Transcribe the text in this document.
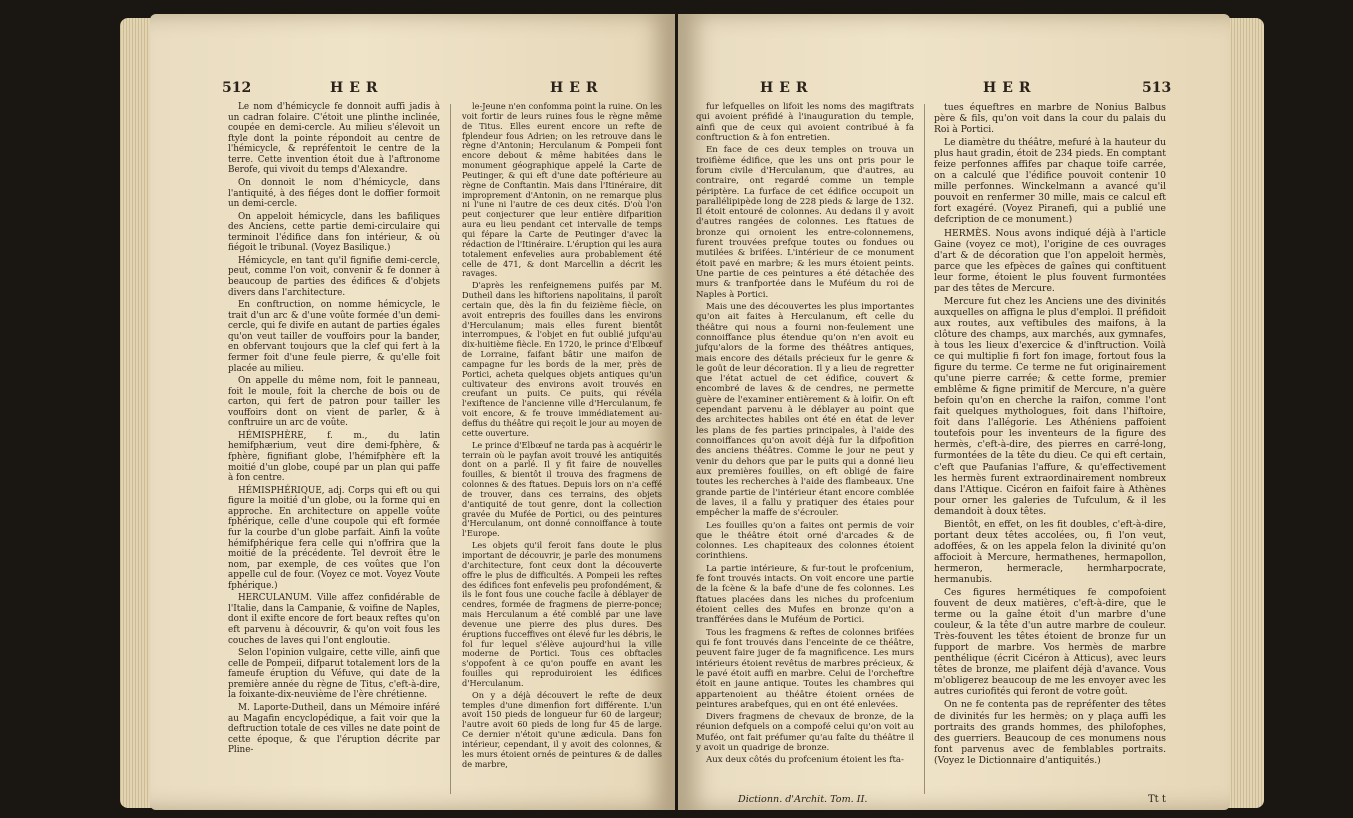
512	HER	HER

Le nom d'hémicycle fe donnoit auffi jadis à un cadran folaire. C'étoit une plinthe inclinée, coupée en demi-cercle. Au milieu s'élevoit un ftyle dont la pointe répondoit au centre de l'hémicycle, & repréfentoit le centre de la terre. Cette invention étoit due à l'aftronome Berofe, qui vivoit du temps d'Alexandre.

On donnoit le nom d'hémicycle, dans l'antiquité, à des fiéges dont le doffier formoit un demi-cercle.

On appeloit hémicycle, dans les bafiliques des Anciens, cette partie demi-circulaire qui terminoit l'édifice dans fon intérieur, & où fiégoit le tribunal. (Voyez Basilique.)

Hémicycle, en tant qu'il fignifie demi-cercle, peut, comme l'on voit, convenir & fe donner à beaucoup de parties des édifices & d'objets divers dans l'architecture.

En conftruction, on nomme hémicycle, le trait d'un arc & d'une voûte formée d'un demi-cercle, qui fe divife en autant de parties égales qu'on veut tailler de vouffoirs pour la bander, en obfervant toujours que la clef qui fert à la fermer foit d'une feule pierre, & qu'elle foit placée au milieu.

On appelle du même nom, foit le panneau, foit le moule, foit la cherche de bois ou de carton, qui fert de patron pour tailler les vouffoirs dont on vient de parler, & à conftruire un arc de voûte.

HÉMISPHÈRE, f. m., du latin hemifphærium, veut dire demi-fphère, & fphère, fignifiant globe, l'hémifphère eft la moitié d'un globe, coupé par un plan qui paffe à fon centre.

HÉMISPHÉRIQUE, adj. Corps qui eft ou qui figure la moitié d'un globe, ou la forme qui en approche. En architecture on appelle voûte fphérique, celle d'une coupole qui eft formée fur la courbe d'un globe parfait. Ainfi la voûte hémifphérique fera celle qui n'offrira que la moitié de la précédente. Tel devroit être le nom, par exemple, de ces voûtes que l'on appelle cul de four. (Voyez ce mot. Voyez Voute fphérique.)

HERCULANUM. Ville affez confidérable de l'Italie, dans la Campanie, & voifine de Naples, dont il exifte encore de fort beaux reftes qu'on eft parvenu à découvrir, & qu'on voit fous les couches de laves qui l'ont engloutie.

Selon l'opinion vulgaire, cette ville, ainfi que celle de Pompeii, difparut totalement lors de la fameufe éruption du Véfuve, qui date de la première année du règne de Titus, c'eft-à-dire, la foixante-dix-neuvième de l'ère chrétienne.

M. Laporte-Dutheil, dans un Mémoire inféré au Magafin encyclopédique, a fait voir que la deftruction totale de ces villes ne date point de cette époque, & que l'éruption décrite par Pline-

le-Jeune n'en confomma point la ruine. On les voit fortir de leurs ruines fous le règne même de Titus. Elles eurent encore un refte de fplendeur fous Adrien; on les retrouve dans le règne d'Antonin; Herculanum & Pompeii font encore debout & même habitées dans le monument géographique appelé la Carte de Peutinger, & qui eft d'une date poftérieure au règne de Conftantin. Mais dans l'Itinéraire, dit improprement d'Antonin, on ne remarque plus ni l'une ni l'autre de ces deux cités. D'où l'on peut conjecturer que leur entière difparition aura eu lieu pendant cet intervalle de temps qui fépare la Carte de Peutinger d'avec la rédaction de l'Itinéraire. L'éruption qui les aura totalement enfevelies aura probablement été celle de 471, & dont Marcellin a décrit les ravages.

D'après les renfeignemens puifés par M. Dutheil dans les hiftoriens napolitains, il paroît certain que, dès la fin du feizième fiècle, on avoit entrepris des fouilles dans les environs d'Herculanum; mais elles furent bientôt interrompues, & l'objet en fut oublié jufqu'au dix-huitième fiècle. En 1720, le prince d'Elbœuf de Lorraine, faifant bâtir une maifon de campagne fur les bords de la mer, près de Portici, acheta quelques objets antiques qu'un cultivateur des environs avoit trouvés en creufant un puits. Ce puits, qui révéla l'exiftence de l'ancienne ville d'Herculanum, fe voit encore, & fe trouve immédiatement au-deffus du théâtre qui reçoit le jour au moyen de cette ouverture.

Le prince d'Elbœuf ne tarda pas à acquérir le terrain où le payfan avoit trouvé les antiquités dont on a parlé. Il y fit faire de nouvelles fouilles, & bientôt il trouva des fragmens de colonnes & des ftatues. Depuis lors on n'a ceffé de trouver, dans ces terrains, des objets d'antiquité de tout genre, dont la collection gravée du Mufée de Portici, ou des peintures d'Herculanum, ont donné connoiffance à toute l'Europe.

Les objets qu'il feroit fans doute le plus important de découvrir, je parle des monumens d'architecture, font ceux dont la découverte offre le plus de difficultés. A Pompeii les reftes des édifices font enfevelis peu profondément, & ils le font fous une couche facile à déblayer de cendres, formée de fragmens de pierre-ponce; mais Herculanum a été comblé par une lave devenue une pierre des plus dures. Des éruptions fucceffives ont élevé fur les débris, le fol fur lequel s'élève aujourd'hui la ville moderne de Portici. Tous ces obftacles s'oppofent à ce qu'on pouffe en avant les fouilles qui reproduiroient les édifices d'Herculanum.

On y a déjà découvert le refte de deux temples d'une dimenfion fort différente. L'un avoit 150 pieds de longueur fur 60 de largeur; l'autre avoit 60 pieds de long fur 45 de large. Ce dernier n'étoit qu'une ædicula. Dans fon intérieur, cependant, il y avoit des colonnes, & les murs étoient ornés de peintures & de dalles de marbre,

HER	HER	513

fur lefquelles on lifoit les noms des magiftrats qui avoient préfidé à l'inauguration du temple, ainfi que de ceux qui avoient contribué à fa conftruction & à fon entretien.

En face de ces deux temples on trouva un troifième édifice, que les uns ont pris pour le forum civile d'Herculanum, que d'autres, au contraire, ont regardé comme un temple périptère. La furface de cet édifice occupoit un parallélipipède long de 228 pieds & large de 132. Il étoit entouré de colonnes. Au dedans il y avoit d'autres rangées de colonnes. Les ftatues de bronze qui ornoient les entre-colonnemens, furent trouvées prefque toutes ou fondues ou mutilées & brifées. L'intérieur de ce monument étoit pavé en marbre; & les murs étoient peints. Une partie de ces peintures a été détachée des murs & tranfportée dans le Muféum du roi de Naples à Portici.

Mais une des découvertes les plus importantes qu'on ait faites à Herculanum, eft celle du théâtre qui nous a fourni non-feulement une connoiffance plus étendue qu'on n'en avoit eu jufqu'alors de la forme des théâtres antiques, mais encore des détails précieux fur le genre & le goût de leur décoration. Il y a lieu de regretter que l'état actuel de cet édifice, couvert & encombré de laves & de cendres, ne permette guère de l'examiner entièrement & à loifir. On eft cependant parvenu à le déblayer au point que des architectes habiles ont été en état de lever les plans de fes parties principales, à l'aide des connoiffances qu'on avoit déjà fur la difpofition des anciens théâtres. Comme le jour ne peut y venir du dehors que par le puits qui a donné lieu aux premières fouilles, on eft obligé de faire toutes les recherches à l'aide des flambeaux. Une grande partie de l'intérieur étant encore comblée de laves, il a fallu y pratiquer des étaies pour empêcher la maffe de s'écrouler.

Les fouilles qu'on a faites ont permis de voir que le théâtre étoit orné d'arcades & de colonnes. Les chapiteaux des colonnes étoient corinthiens.

La partie intérieure, & fur-tout le profcenium, fe font trouvés intacts. On voit encore une partie de la fcène & la bafe d'une de fes colonnes. Les ftatues placées dans les niches du profcenium étoient celles des Mufes en bronze qu'on a tranfférées dans le Muféum de Portici.

Tous les fragmens & reftes de colonnes brifées qui fe font trouvés dans l'enceinte de ce théâtre, peuvent faire juger de fa magnificence. Les murs intérieurs étoient revêtus de marbres précieux, & le pavé étoit auffi en marbre. Celui de l'orcheftre étoit en jaune antique. Toutes les chambres qui appartenoient au théâtre étoient ornées de peintures arabefques, qui en ont été enlevées.

Divers fragmens de chevaux de bronze, de la réunion defquels on a compofé celui qu'on voit au Muféo, ont fait préfumer qu'au faîte du théâtre il y avoit un quadrige de bronze.

Aux deux côtés du profcenium étoient les fta-

Dictionn. d'Archit. Tom. II.

tues équeftres en marbre de Nonius Balbus père & fils, qu'on voit dans la cour du palais du Roi à Portici.

Le diamètre du théâtre, mefuré à la hauteur du plus haut gradin, étoit de 234 pieds. En comptant feize perfonnes affifes par chaque toife carrée, on a calculé que l'édifice pouvoit contenir 10 mille perfonnes. Winckelmann a avancé qu'il pouvoit en renfermer 30 mille, mais ce calcul eft fort exagéré. (Voyez Piranefi, qui a publié une defcription de ce monument.)

HERMÈS. Nous avons indiqué déjà à l'article Gaine (voyez ce mot), l'origine de ces ouvrages d'art & de décoration que l'on appeloit hermès, parce que les efpèces de gaînes qui conftituent leur forme, étoient le plus fouvent furmontées par des têtes de Mercure.

Mercure fut chez les Anciens une des divinités auxquelles on affigna le plus d'emploi. Il préfidoit aux routes, aux veftibules des maifons, à la clôture des champs, aux marchés, aux gymnafes, à tous les lieux d'exercice & d'inftruction. Voilà ce qui multiplie fi fort fon image, fortout fous la figure du terme. Ce terme ne fut originairement qu'une pierre carrée; & cette forme, premier emblême & figne primitif de Mercure, n'a guère befoin qu'on en cherche la raifon, comme l'ont fait quelques mythologues, foit dans l'hiftoire, foit dans l'allégorie. Les Athéniens paffoient toutefois pour les inventeurs de la figure des hermès, c'eft-à-dire, des pierres en carré-long, furmontées de la tête du dieu. Ce qui eft certain, c'eft que Paufanias l'affure, & qu'effectivement les hermès furent extraordinairement nombreux dans l'Attique. Cicéron en faifoit faire à Athènes pour orner les galeries de Tufculum, & il les demandoit à doux têtes.

Bientôt, en effet, on les fit doubles, c'eft-à-dire, portant deux têtes accolées, ou, fi l'on veut, adoffées, & on les appela felon la divinité qu'on affocioit à Mercure, hermathenes, hermapollon, hermeron, hermeracle, hermharpocrate, hermanubis.

Ces figures hermétiques fe compofoient fouvent de deux matières, c'eft-à-dire, que le terme ou la gaîne étoit d'un marbre d'une couleur, & la tête d'un autre marbre de couleur. Très-fouvent les têtes étoient de bronze fur un fupport de marbre. Vos hermès de marbre penthélique (écrit Cicéron à Atticus), avec leurs têtes de bronze, me plaifent déjà d'avance. Vous m'obligerez beaucoup de me les envoyer avec les autres curiofités qui feront de votre goût.

On ne fe contenta pas de repréfenter des têtes de divinités fur les hermès; on y plaça auffi les portraits des grands hommes, des philofophes, des guerriers. Beaucoup de ces monumens nous font parvenus avec de femblables portraits. (Voyez le Dictionnaire d'antiquités.)

Tt t
